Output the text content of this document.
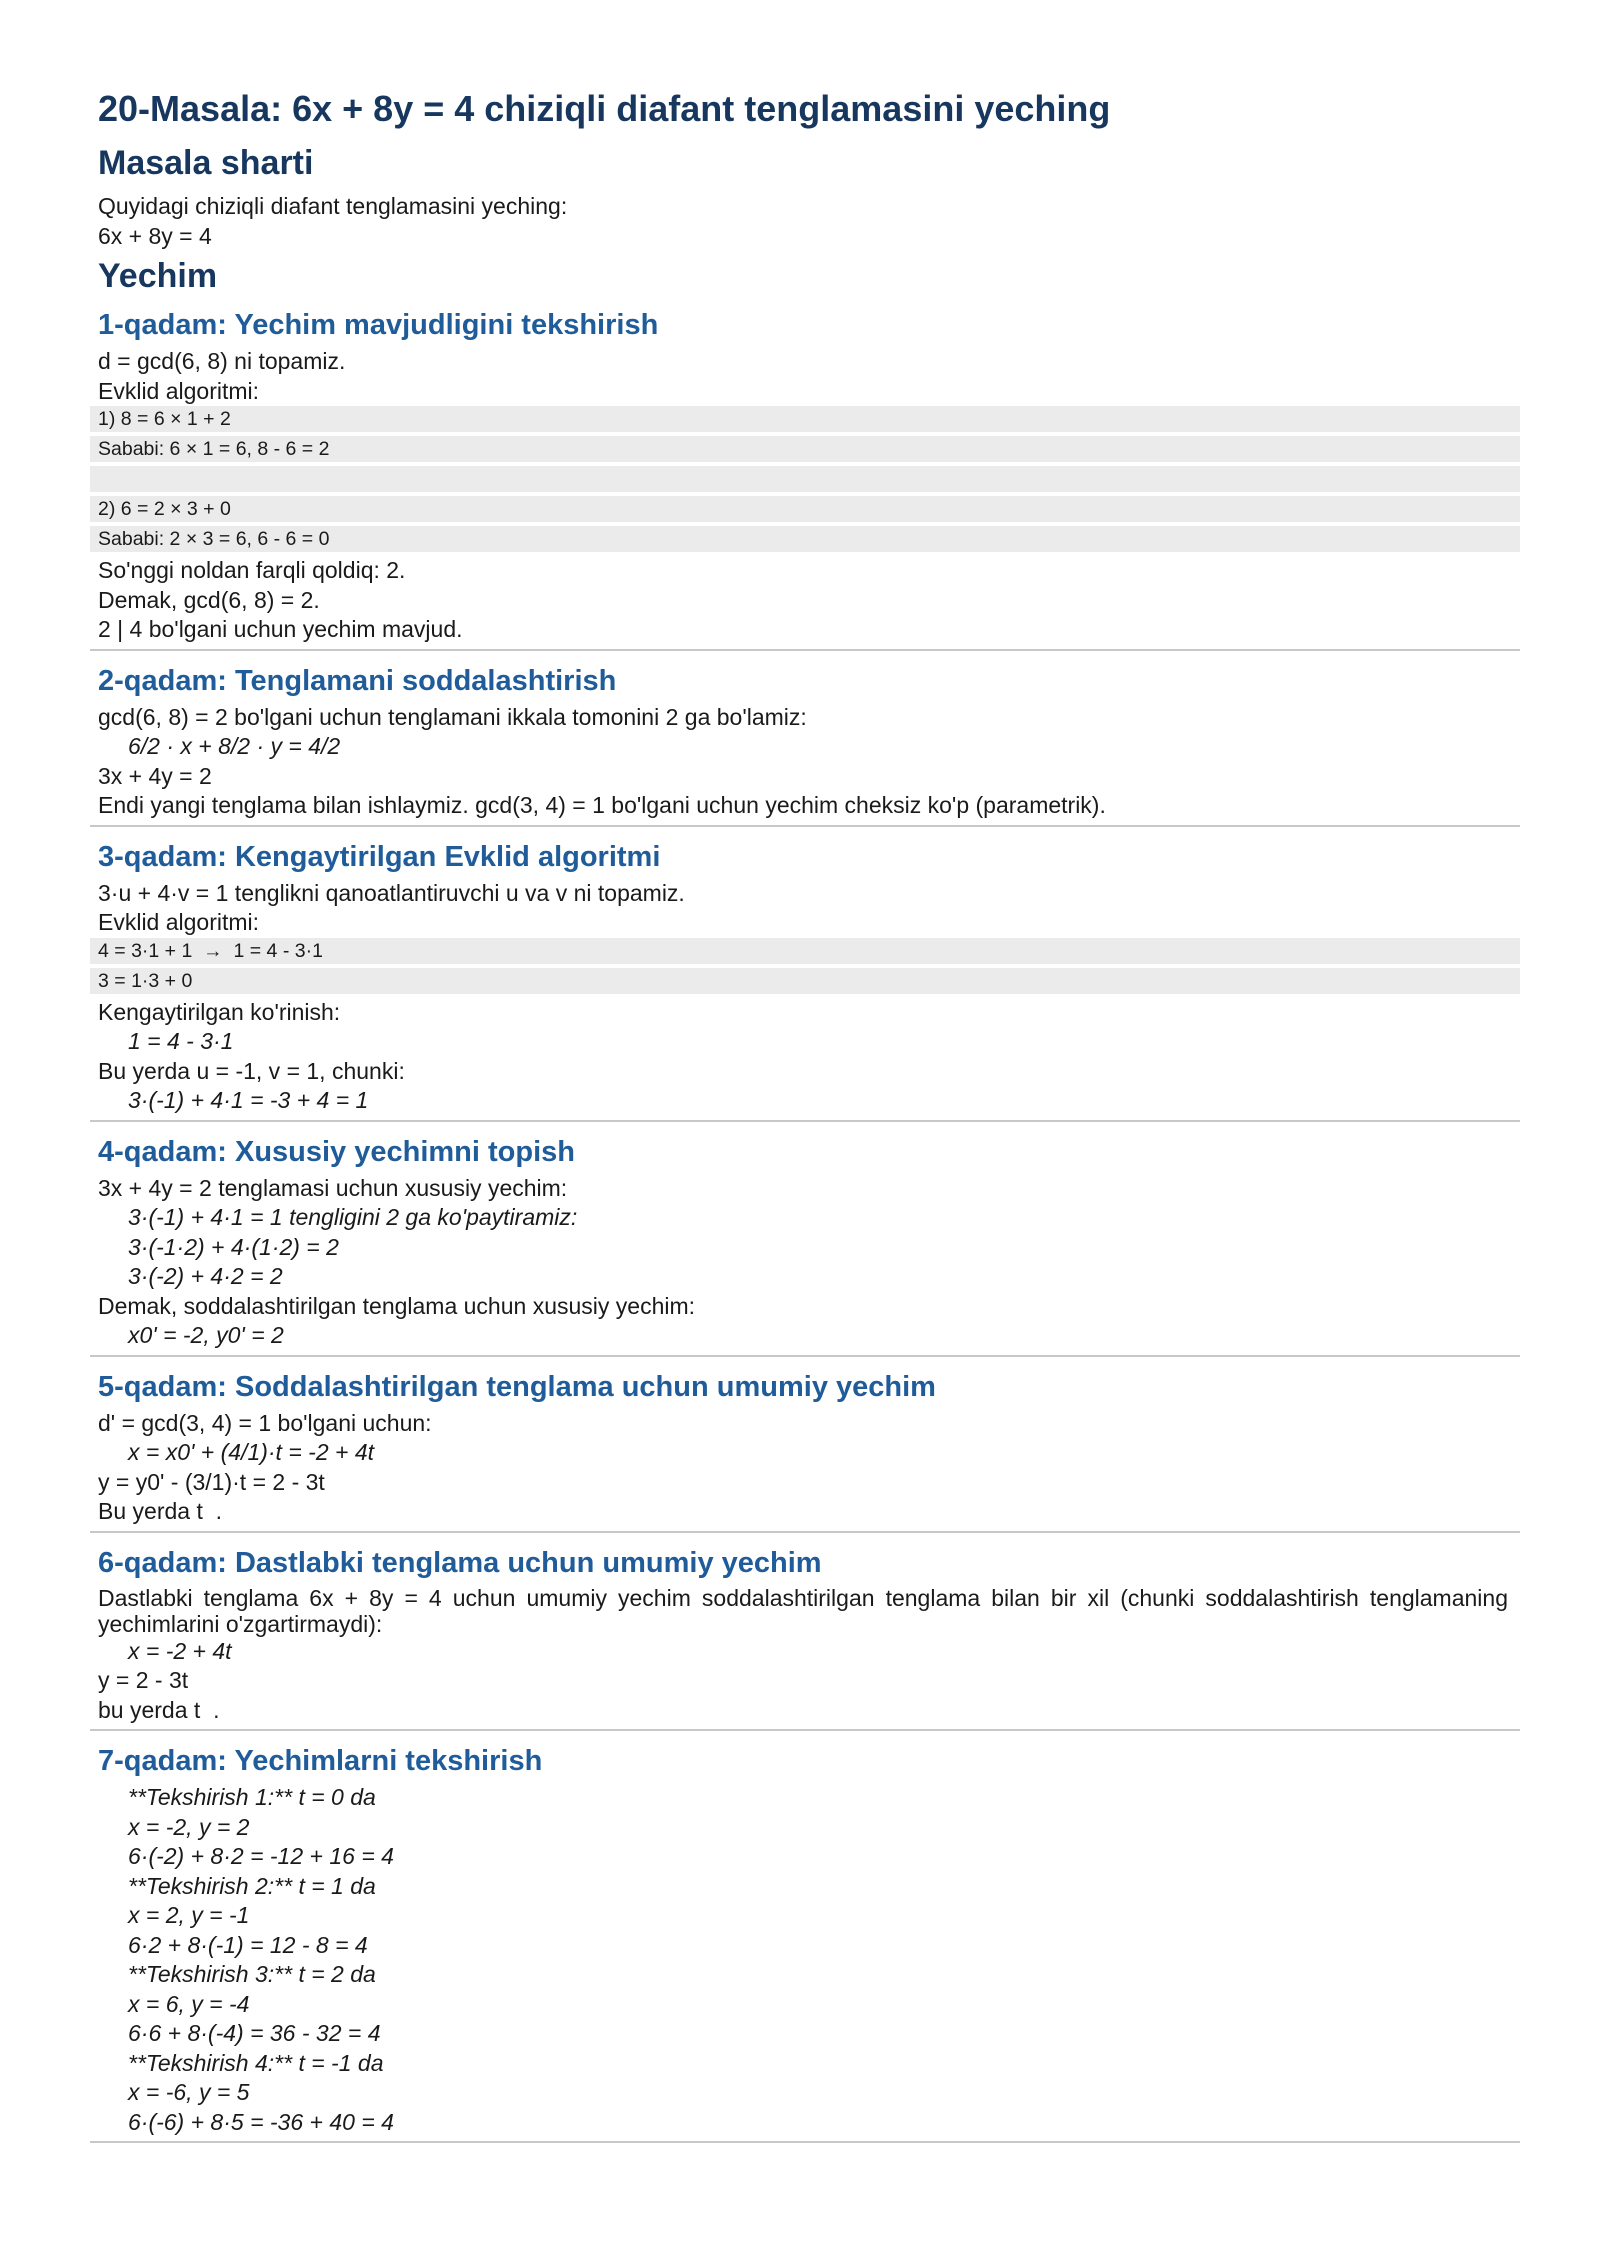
20-Masala: 6x + 8y = 4 chiziqli diafant tenglamasini yeching
Masala sharti
Quyidagi chiziqli diafant tenglamasini yeching:
6x + 8y = 4
Yechim
1-qadam: Yechim mavjudligini tekshirish
d = gcd(6, 8) ni topamiz.
Evklid algoritmi:
1) 8 = 6 × 1 + 2
Sababi: 6 × 1 = 6, 8 - 6 = 2
2) 6 = 2 × 3 + 0
Sababi: 2 × 3 = 6, 6 - 6 = 0
So'nggi noldan farqli qoldiq: 2.
Demak, gcd(6, 8) = 2.
2 | 4 bo'lgani uchun yechim mavjud.
2-qadam: Tenglamani soddalashtirish
gcd(6, 8) = 2 bo'lgani uchun tenglamani ikkala tomonini 2 ga bo'lamiz:
6/2 · x + 8/2 · y = 4/2
3x + 4y = 2
Endi yangi tenglama bilan ishlaymiz. gcd(3, 4) = 1 bo'lgani uchun yechim cheksiz ko'p (parametrik).
3-qadam: Kengaytirilgan Evklid algoritmi
3·u + 4·v = 1 tenglikni qanoatlantiruvchi u va v ni topamiz.
Evklid algoritmi:
4 = 3·1 + 1  →  1 = 4 - 3·1
3 = 1·3 + 0
Kengaytirilgan ko'rinish:
1 = 4 - 3·1
Bu yerda u = -1, v = 1, chunki:
3·(-1) + 4·1 = -3 + 4 = 1
4-qadam: Xususiy yechimni topish
3x + 4y = 2 tenglamasi uchun xususiy yechim:
3·(-1) + 4·1 = 1 tengligini 2 ga ko'paytiramiz:
3·(-1·2) + 4·(1·2) = 2
3·(-2) + 4·2 = 2
Demak, soddalashtirilgan tenglama uchun xususiy yechim:
x0' = -2, y0' = 2
5-qadam: Soddalashtirilgan tenglama uchun umumiy yechim
d' = gcd(3, 4) = 1 bo'lgani uchun:
x = x0' + (4/1)·t = -2 + 4t
y = y0' - (3/1)·t = 2 - 3t
Bu yerda t  .
6-qadam: Dastlabki tenglama uchun umumiy yechim
Dastlabki tenglama 6x + 8y = 4 uchun umumiy yechim soddalashtirilgan tenglama bilan bir xil (chunki soddalashtirish tenglamaning yechimlarini o'zgartirmaydi):
x = -2 + 4t
y = 2 - 3t
bu yerda t  .
7-qadam: Yechimlarni tekshirish
**Tekshirish 1:** t = 0 da
x = -2, y = 2
6·(-2) + 8·2 = -12 + 16 = 4
**Tekshirish 2:** t = 1 da
x = 2, y = -1
6·2 + 8·(-1) = 12 - 8 = 4
**Tekshirish 3:** t = 2 da
x = 6, y = -4
6·6 + 8·(-4) = 36 - 32 = 4
**Tekshirish 4:** t = -1 da
x = -6, y = 5
6·(-6) + 8·5 = -36 + 40 = 4
